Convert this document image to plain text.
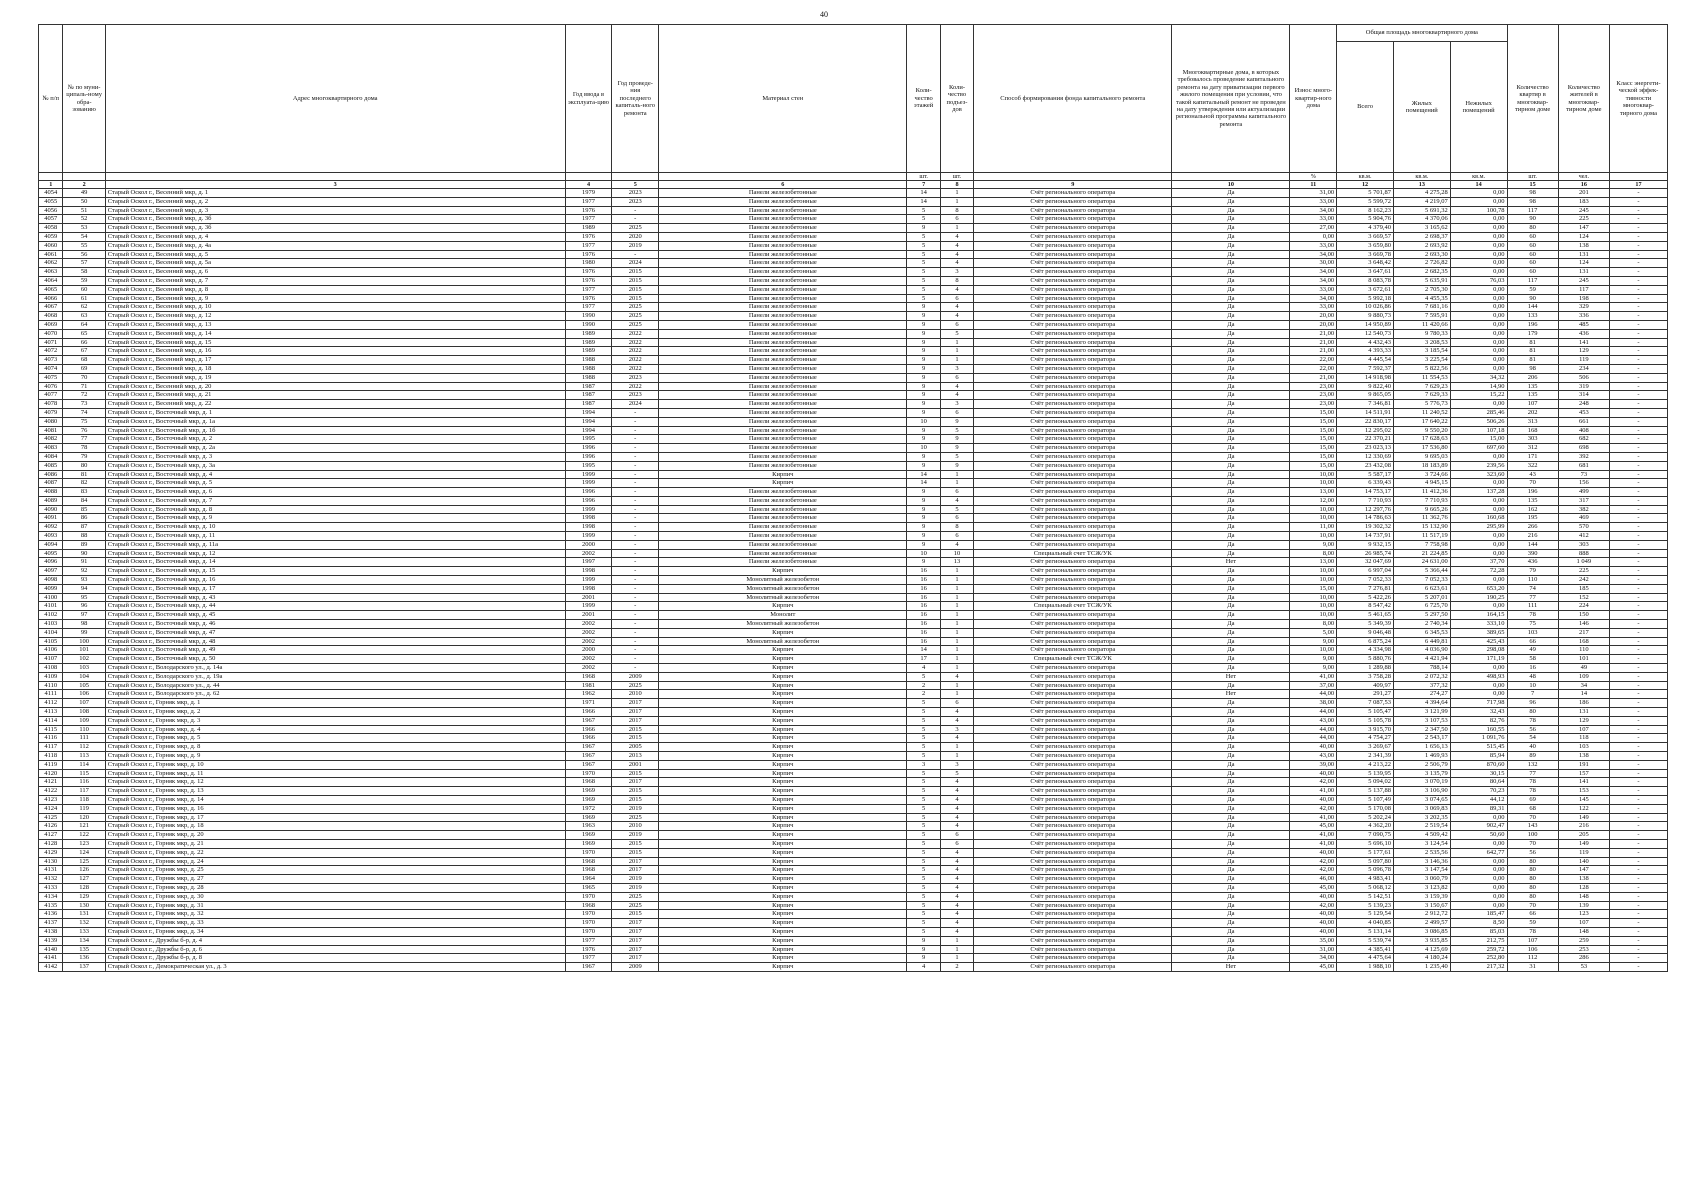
40
№ п/п	№ по муни-ципаль-ному обра-зованию	Адрес многоквартирного дома	Год ввода в эксплуата-цию	Год проведе-ния последнего капиталь-ного ремонта	Материал стен	Коли-чество этажей	Коли-чество подъез-дов	Способ формирования фонда капитального ремонта	Многоквартирные дома, в которых требовалось проведение капитального ремонта на дату приватизации первого жилого помещения при условии, что такой капитальный ремонт не проведен на дату утверждения или актуализации региональной программы капитального ремонта	Износ много-квартир-ного дома	Общая площадь многоквартирного дома			Количество квартир в многоквар-тирном доме	Количество жителей в многоквар-тирном доме	Класс энергети-ческой эффек-тивности многоквар-тирного дома
											Всего	Жилых помещений	Нежилых помещений			
						шт.	шт.			%	кв.м.	кв.м.	кв.м.	шт.	чел.	
1	2	3	4	5	6	7	8	9	10	11	12	13	14	15	16	17
4054	49	Старый Оскол г., Весенний мкр, д. 1	1979	2023	Панели железобетонные	14	1	Счёт регионального оператора	Да	31,00	5 701,87	4 275,28	0,00	98	201	-
4055	50	Старый Оскол г., Весенний мкр, д. 2	1977	2023	Панели железобетонные	14	1	Счёт регионального оператора	Да	33,00	5 599,72	4 219,07	0,00	98	183	-
4056	51	Старый Оскол г., Весенний мкр, д. 3	1976	-	Панели железобетонные	5	8	Счёт регионального оператора	Да	34,00	8 162,23	5 691,32	100,78	117	245	-
4057	52	Старый Оскол г., Весенний мкр, д. 3б	1977	-	Панели железобетонные	5	6	Счёт регионального оператора	Да	33,00	5 904,76	4 370,06	0,00	90	225	-
4058	53	Старый Оскол г., Весенний мкр, д. 3б	1989	2025	Панели железобетонные	9	1	Счёт регионального оператора	Да	27,00	4 379,40	3 165,62	0,00	80	147	-
4059	54	Старый Оскол г., Весенний мкр, д. 4	1976	2020	Панели железобетонные	5	4	Счёт регионального оператора	Да	0,00	3 669,57	2 698,37	0,00	60	124	-
4060	55	Старый Оскол г., Весенний мкр, д. 4а	1977	2019	Панели железобетонные	5	4	Счёт регионального оператора	Да	33,00	3 659,80	2 693,92	0,00	60	138	-
4061	56	Старый Оскол г., Весенний мкр, д. 5	1976	-	Панели железобетонные	5	4	Счёт регионального оператора	Да	34,00	3 669,78	2 693,30	0,00	60	131	-
4062	57	Старый Оскол г., Весенний мкр, д. 5а	1980	2024	Панели железобетонные	5	4	Счёт регионального оператора	Да	30,00	3 648,42	2 726,82	0,00	60	124	-
4063	58	Старый Оскол г., Весенний мкр, д. 6	1976	2015	Панели железобетонные	5	3	Счёт регионального оператора	Да	34,00	3 647,61	2 682,35	0,00	60	131	-
4064	59	Старый Оскол г., Весенний мкр, д. 7	1976	2015	Панели железобетонные	5	8	Счёт регионального оператора	Да	34,00	8 083,78	5 635,91	76,03	117	245	-
4065	60	Старый Оскол г., Весенний мкр, д. 8	1977	2015	Панели железобетонные	5	4	Счёт регионального оператора	Да	33,00	3 672,61	2 705,30	0,00	59	117	-
4066	61	Старый Оскол г., Весенний мкр, д. 9	1976	2015	Панели железобетонные	5	6	Счёт регионального оператора	Да	34,00	5 992,18	4 455,35	0,00	90	198	-
4067	62	Старый Оскол г., Весенний мкр, д. 10	1977	2025	Панели железобетонные	9	4	Счёт регионального оператора	Да	33,00	10 026,86	7 681,16	0,00	144	329	-
4068	63	Старый Оскол г., Весенний мкр, д. 12	1990	2025	Панели железобетонные	9	4	Счёт регионального оператора	Да	20,00	9 880,73	7 595,91	0,00	133	336	-
4069	64	Старый Оскол г., Весенний мкр, д. 13	1990	2025	Панели железобетонные	9	6	Счёт регионального оператора	Да	20,00	14 950,89	11 420,66	0,00	196	485	-
4070	65	Старый Оскол г., Весенний мкр, д. 14	1989	2022	Панели железобетонные	9	5	Счёт регионального оператора	Да	21,00	12 540,73	9 780,33	0,00	179	436	-
4071	66	Старый Оскол г., Весенний мкр, д. 15	1989	2022	Панели железобетонные	9	1	Счёт регионального оператора	Да	21,00	4 432,43	3 208,53	0,00	81	141	-
4072	67	Старый Оскол г., Весенний мкр, д. 16	1989	2022	Панели железобетонные	9	1	Счёт регионального оператора	Да	21,00	4 393,33	3 185,54	0,00	81	129	-
4073	68	Старый Оскол г., Весенний мкр, д. 17	1988	2022	Панели железобетонные	9	1	Счёт регионального оператора	Да	22,00	4 445,54	3 225,54	0,00	81	119	-
4074	69	Старый Оскол г., Весенний мкр, д. 18	1988	2022	Панели железобетонные	9	3	Счёт регионального оператора	Да	22,00	7 592,37	5 822,56	0,00	98	234	-
4075	70	Старый Оскол г., Весенний мкр, д. 19	1988	2023	Панели железобетонные	9	6	Счёт регионального оператора	Да	21,00	14 918,98	11 554,53	34,32	206	506	-
4076	71	Старый Оскол г., Весенний мкр, д. 20	1987	2022	Панели железобетонные	9	4	Счёт регионального оператора	Да	23,00	9 822,40	7 629,23	14,90	135	319	-
4077	72	Старый Оскол г., Весенний мкр, д. 21	1987	2023	Панели железобетонные	9	4	Счёт регионального оператора	Да	23,00	9 865,05	7 629,33	15,22	135	314	-
4078	73	Старый Оскол г., Весенний мкр, д. 22	1987	2024	Панели железобетонные	9	3	Счёт регионального оператора	Да	23,00	7 346,81	5 776,73	0,00	107	248	-
4079	74	Старый Оскол г., Восточный мкр, д. 1	1994	-	Панели железобетонные	9	6	Счёт регионального оператора	Да	15,00	14 511,91	11 240,52	285,46	202	453	-
4080	75	Старый Оскол г., Восточный мкр, д. 1а	1994	-	Панели железобетонные	10	9	Счёт регионального оператора	Да	15,00	22 830,17	17 640,22	506,26	313	661	-
4081	76	Старый Оскол г., Восточный мкр, д. 1б	1994	-	Панели железобетонные	9	5	Счёт регионального оператора	Да	15,00	12 295,02	9 550,20	107,18	168	408	-
4082	77	Старый Оскол г., Восточный мкр, д. 2	1995	-	Панели железобетонные	9	9	Счёт регионального оператора	Да	15,00	22 370,21	17 628,63	15,00	303	682	-
4083	78	Старый Оскол г., Восточный мкр, д. 2а	1996	-	Панели железобетонные	10	9	Счёт регионального оператора	Да	15,00	23 023,13	17 536,80	697,60	312	698	-
4084	79	Старый Оскол г., Восточный мкр, д. 3	1996	-	Панели железобетонные	9	5	Счёт регионального оператора	Да	15,00	12 330,69	9 695,03	0,00	171	392	-
4085	80	Старый Оскол г., Восточный мкр, д. 3а	1995	-	Панели железобетонные	9	9	Счёт регионального оператора	Да	15,00	23 432,08	18 183,89	239,56	322	681	-
4086	81	Старый Оскол г., Восточный мкр, д. 4	1999	-	Кирпич	14	1	Счёт регионального оператора	Да	10,00	5 587,17	3 724,66	323,60	43	73	-
4087	82	Старый Оскол г., Восточный мкр, д. 5	1999	-	Кирпич	14	1	Счёт регионального оператора	Да	10,00	6 339,43	4 945,15	0,00	70	156	-
4088	83	Старый Оскол г., Восточный мкр, д. 6	1996	-	Панели железобетонные	9	6	Счёт регионального оператора	Да	13,00	14 753,17	11 412,36	137,28	196	499	-
4089	84	Старый Оскол г., Восточный мкр, д. 7	1996	-	Панели железобетонные	9	4	Счёт регионального оператора	Да	12,00	7 710,93	7 710,93	0,00	135	317	-
4090	85	Старый Оскол г., Восточный мкр, д. 8	1999	-	Панели железобетонные	9	5	Счёт регионального оператора	Да	10,00	12 297,76	9 665,26	0,00	162	382	-
4091	86	Старый Оскол г., Восточный мкр, д. 9	1998	-	Панели железобетонные	9	6	Счёт регионального оператора	Да	10,00	14 786,63	11 362,76	160,68	195	469	-
4092	87	Старый Оскол г., Восточный мкр, д. 10	1998	-	Панели железобетонные	9	8	Счёт регионального оператора	Да	11,00	19 302,32	15 132,90	295,99	266	570	-
4093	88	Старый Оскол г., Восточный мкр, д. 11	1999	-	Панели железобетонные	9	6	Счёт регионального оператора	Да	10,00	14 737,91	11 517,19	0,00	216	412	-
4094	89	Старый Оскол г., Восточный мкр, д. 11а	2000	-	Панели железобетонные	9	4	Счёт регионального оператора	Да	9,00	9 932,15	7 758,98	0,00	144	303	-
4095	90	Старый Оскол г., Восточный мкр, д. 12	2002	-	Панели железобетонные	10	10	Специальный счет ТСЖ/УК	Да	8,00	26 985,74	21 224,85	0,00	390	888	-
4096	91	Старый Оскол г., Восточный мкр, д. 14	1997	-	Панели железобетонные	9	13	Счёт регионального оператора	Нет	13,00	32 047,69	24 631,00	37,70	436	1 049	-
4097	92	Старый Оскол г., Восточный мкр, д. 15	1998	-	Кирпич	16	1	Счёт регионального оператора	Да	10,00	6 997,04	5 366,44	72,28	79	225	-
4098	93	Старый Оскол г., Восточный мкр, д. 16	1999	-	Монолитный железобетон	16	1	Счёт регионального оператора	Да	10,00	7 052,33	7 052,33	0,00	110	242	-
4099	94	Старый Оскол г., Восточный мкр, д. 17	1998	-	Монолитный железобетон	16	1	Счёт регионального оператора	Да	15,00	7 276,81	6 623,61	653,20	74	185	-
4100	95	Старый Оскол г., Восточный мкр, д. 43	2001	-	Монолитный железобетон	16	1	Счёт регионального оператора	Да	10,00	5 422,26	5 207,01	190,25	77	152	-
4101	96	Старый Оскол г., Восточный мкр, д. 44	1999	-	Кирпич	16	1	Специальный счет ТСЖ/УК	Да	10,00	8 547,42	6 725,70	0,00	111	224	-
4102	97	Старый Оскол г., Восточный мкр, д. 45	2001	-	Монолит	16	1	Счёт регионального оператора	Да	10,00	5 461,65	5 297,50	164,15	78	150	-
4103	98	Старый Оскол г., Восточный мкр, д. 46	2002	-	Монолитный железобетон	16	1	Счёт регионального оператора	Да	8,00	5 349,39	2 740,34	333,10	75	146	-
4104	99	Старый Оскол г., Восточный мкр, д. 47	2002	-	Кирпич	16	1	Счёт регионального оператора	Да	5,00	9 046,48	6 345,53	389,65	103	217	-
4105	100	Старый Оскол г., Восточный мкр, д. 48	2002	-	Монолитный железобетон	16	1	Счёт регионального оператора	Да	9,00	6 875,24	6 449,81	425,43	66	168	-
4106	101	Старый Оскол г., Восточный мкр, д. 49	2000	-	Кирпич	14	1	Счёт регионального оператора	Да	10,00	4 334,98	4 036,90	298,08	49	110	-
4107	102	Старый Оскол г., Восточный мкр, д. 50	2002	-	Кирпич	17	1	Специальный счет ТСЖ/УК	Да	9,00	5 880,76	4 421,94	171,19	58	101	-
4108	103	Старый Оскол г., Володарского ул., д. 14а	2002	-	Кирпич	4	1	Счёт регионального оператора	Да	9,00	1 289,88	788,14	0,00	16	49	-
4109	104	Старый Оскол г., Володарского ул., д. 19а	1968	2009	Кирпич	5	4	Счёт регионального оператора	Нет	41,00	3 758,28	2 072,32	498,93	48	109	-
4110	105	Старый Оскол г., Володарского ул., д. 44	1981	2025	Кирпич	2	1	Счёт регионального оператора	Да	37,00	409,97	377,32	0,00	10	34	-
4111	106	Старый Оскол г., Володарского ул., д. 62	1962	2010	Кирпич	2	1	Счёт регионального оператора	Нет	44,00	291,27	274,27	0,00	7	14	-
4112	107	Старый Оскол г., Горняк мкр, д. 1	1971	2017	Кирпич	5	6	Счёт регионального оператора	Да	38,00	7 087,53	4 394,64	717,98	96	186	-
4113	108	Старый Оскол г., Горняк мкр, д. 2	1966	2017	Кирпич	5	4	Счёт регионального оператора	Да	44,00	5 105,47	3 121,99	32,43	80	131	-
4114	109	Старый Оскол г., Горняк мкр, д. 3	1967	2017	Кирпич	5	4	Счёт регионального оператора	Да	43,00	5 105,78	3 107,53	82,76	78	129	-
4115	110	Старый Оскол г., Горняк мкр, д. 4	1966	2015	Кирпич	5	3	Счёт регионального оператора	Да	44,00	3 915,70	2 347,50	160,55	56	107	-
4116	111	Старый Оскол г., Горняк мкр, д. 5	1966	2015	Кирпич	5	4	Счёт регионального оператора	Да	44,00	4 754,27	2 543,17	1 091,76	54	118	-
4117	112	Старый Оскол г., Горняк мкр, д. 8	1967	2005	Кирпич	5	1	Счёт регионального оператора	Да	40,00	3 269,67	1 656,13	515,45	40	103	-
4118	113	Старый Оскол г., Горняк мкр, д. 9	1967	2013	Кирпич	5	1	Счёт регионального оператора	Да	43,00	2 341,39	1 469,93	85,94	89	138	-
4119	114	Старый Оскол г., Горняк мкр, д. 10	1967	2001	Кирпич	3	3	Счёт регионального оператора	Да	39,00	4 213,22	2 506,79	870,60	132	191	-
4120	115	Старый Оскол г., Горняк мкр, д. 11	1970	2015	Кирпич	5	5	Счёт регионального оператора	Да	40,00	5 139,95	3 135,79	30,15	77	157	-
4121	116	Старый Оскол г., Горняк мкр, д. 12	1968	2017	Кирпич	5	4	Счёт регионального оператора	Да	42,00	5 094,02	3 070,19	80,64	78	141	-
4122	117	Старый Оскол г., Горняк мкр, д. 13	1969	2015	Кирпич	5	4	Счёт регионального оператора	Да	41,00	5 137,88	3 106,90	70,23	78	153	-
4123	118	Старый Оскол г., Горняк мкр, д. 14	1969	2015	Кирпич	5	4	Счёт регионального оператора	Да	40,00	5 107,49	3 074,65	44,12	69	145	-
4124	119	Старый Оскол г., Горняк мкр, д. 16	1972	2019	Кирпич	5	4	Счёт регионального оператора	Да	42,00	5 170,08	3 069,83	89,31	68	122	-
4125	120	Старый Оскол г., Горняк мкр, д. 17	1969	2025	Кирпич	5	4	Счёт регионального оператора	Да	41,00	5 202,24	3 202,35	0,00	70	149	-
4126	121	Старый Оскол г., Горняк мкр, д. 18	1963	2010	Кирпич	5	4	Счёт регионального оператора	Да	45,00	4 362,20	2 519,54	902,47	143	216	-
4127	122	Старый Оскол г., Горняк мкр, д. 20	1969	2019	Кирпич	5	6	Счёт регионального оператора	Да	41,00	7 090,75	4 509,42	50,60	100	205	-
4128	123	Старый Оскол г., Горняк мкр, д. 21	1969	2015	Кирпич	5	6	Счёт регионального оператора	Да	41,00	5 696,10	3 124,54	0,00	70	149	-
4129	124	Старый Оскол г., Горняк мкр, д. 22	1970	2015	Кирпич	5	4	Счёт регионального оператора	Да	40,00	5 177,61	2 535,56	642,77	56	119	-
4130	125	Старый Оскол г., Горняк мкр, д. 24	1968	2017	Кирпич	5	4	Счёт регионального оператора	Да	42,00	5 097,80	3 146,36	0,00	80	140	-
4131	126	Старый Оскол г., Горняк мкр, д. 25	1968	2017	Кирпич	5	4	Счёт регионального оператора	Да	42,00	5 096,78	3 147,54	0,00	80	147	-
4132	127	Старый Оскол г., Горняк мкр, д. 27	1964	2019	Кирпич	5	4	Счёт регионального оператора	Да	46,00	4 983,41	3 060,79	0,00	80	138	-
4133	128	Старый Оскол г., Горняк мкр, д. 28	1965	2019	Кирпич	5	4	Счёт регионального оператора	Да	45,00	5 068,12	3 123,82	0,00	80	128	-
4134	129	Старый Оскол г., Горняк мкр, д. 30	1970	2025	Кирпич	5	4	Счёт регионального оператора	Да	40,00	5 142,51	3 159,39	0,00	80	148	-
4135	130	Старый Оскол г., Горняк мкр, д. 31	1968	2025	Кирпич	5	4	Счёт регионального оператора	Да	42,00	5 139,23	3 150,67	0,00	70	139	-
4136	131	Старый Оскол г., Горняк мкр, д. 32	1970	2015	Кирпич	5	4	Счёт регионального оператора	Да	40,00	5 129,54	2 912,72	185,47	66	123	-
4137	132	Старый Оскол г., Горняк мкр, д. 33	1970	2017	Кирпич	5	4	Счёт регионального оператора	Да	40,00	4 040,85	2 499,57	8,50	59	107	-
4138	133	Старый Оскол г., Горняк мкр, д. 34	1970	2017	Кирпич	5	4	Счёт регионального оператора	Да	40,00	5 131,14	3 086,85	85,03	78	148	-
4139	134	Старый Оскол г., Дружбы б-р, д. 4	1977	2017	Кирпич	9	1	Счёт регионального оператора	Да	35,00	5 539,74	3 935,85	212,75	107	259	-
4140	135	Старый Оскол г., Дружбы б-р, д. 6	1976	2017	Кирпич	9	1	Счёт регионального оператора	Да	31,00	4 385,41	4 125,69	259,72	106	253	-
4141	136	Старый Оскол г., Дружбы б-р, д. 8	1977	2017	Кирпич	9	1	Счёт регионального оператора	Да	34,00	4 475,64	4 180,24	252,80	112	286	-
4142	137	Старый Оскол г., Демократическая ул., д. 3	1967	2009	Кирпич	4	2	Счёт регионального оператора	Нет	45,00	1 988,10	1 235,40	217,32	31	53	-
